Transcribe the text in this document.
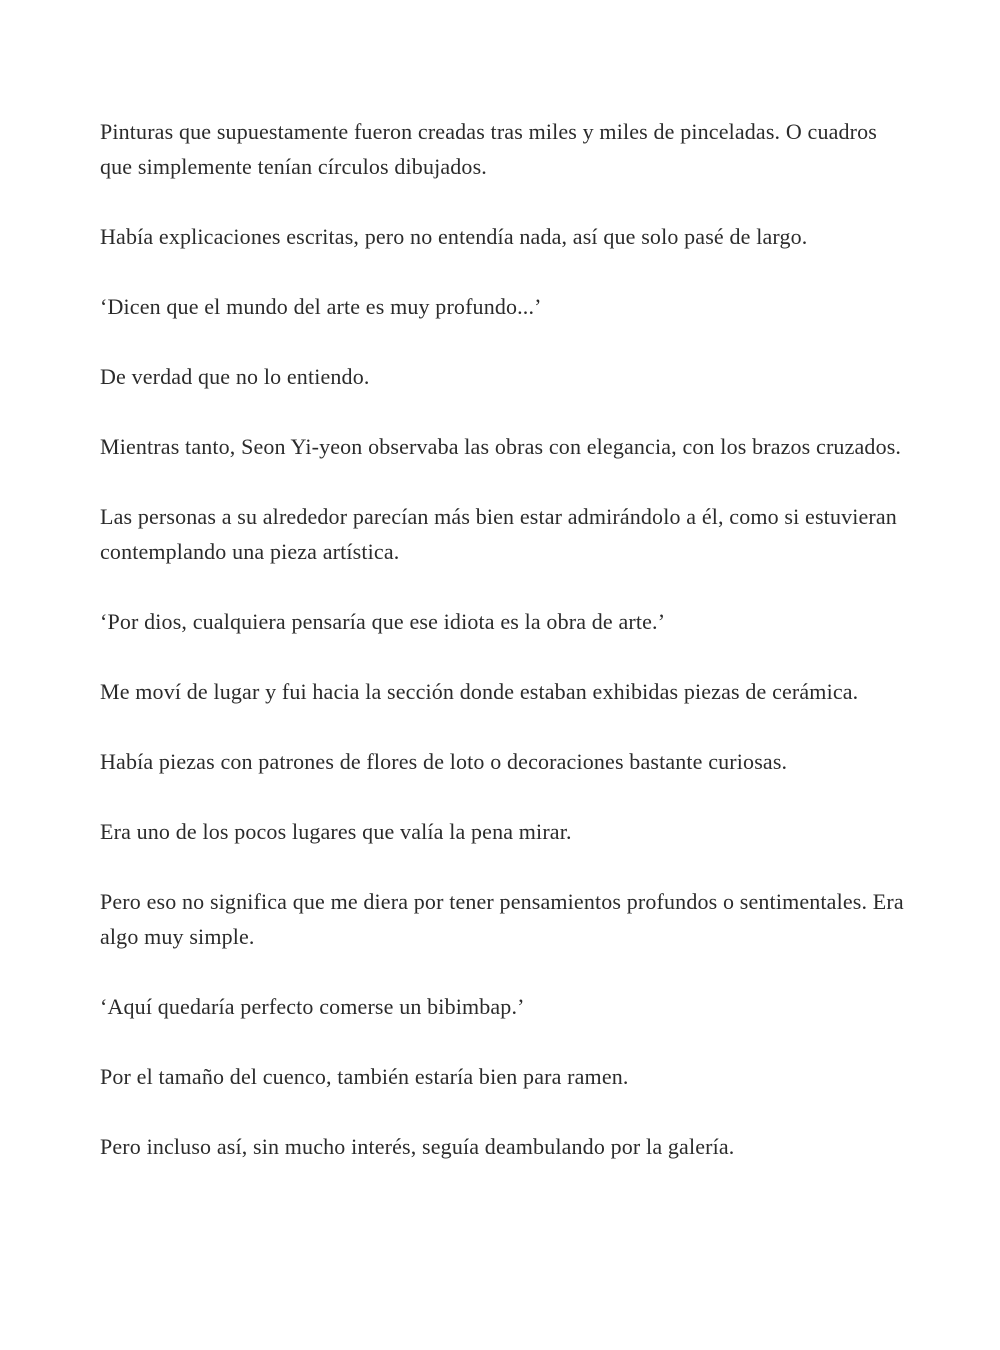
Pinturas que supuestamente fueron creadas tras miles y miles de pinceladas. O cuadros que simplemente tenían círculos dibujados.

Había explicaciones escritas, pero no entendía nada, así que solo pasé de largo.

‘Dicen que el mundo del arte es muy profundo...’

De verdad que no lo entiendo.

Mientras tanto, Seon Yi-yeon observaba las obras con elegancia, con los brazos cruzados.

Las personas a su alrededor parecían más bien estar admirándolo a él, como si estuvieran contemplando una pieza artística.

‘Por dios, cualquiera pensaría que ese idiota es la obra de arte.’

Me moví de lugar y fui hacia la sección donde estaban exhibidas piezas de cerámica.

Había piezas con patrones de flores de loto o decoraciones bastante curiosas.

Era uno de los pocos lugares que valía la pena mirar.

Pero eso no significa que me diera por tener pensamientos profundos o sentimentales. Era algo muy simple.

‘Aquí quedaría perfecto comerse un bibimbap.’

Por el tamaño del cuenco, también estaría bien para ramen.

Pero incluso así, sin mucho interés, seguía deambulando por la galería.
